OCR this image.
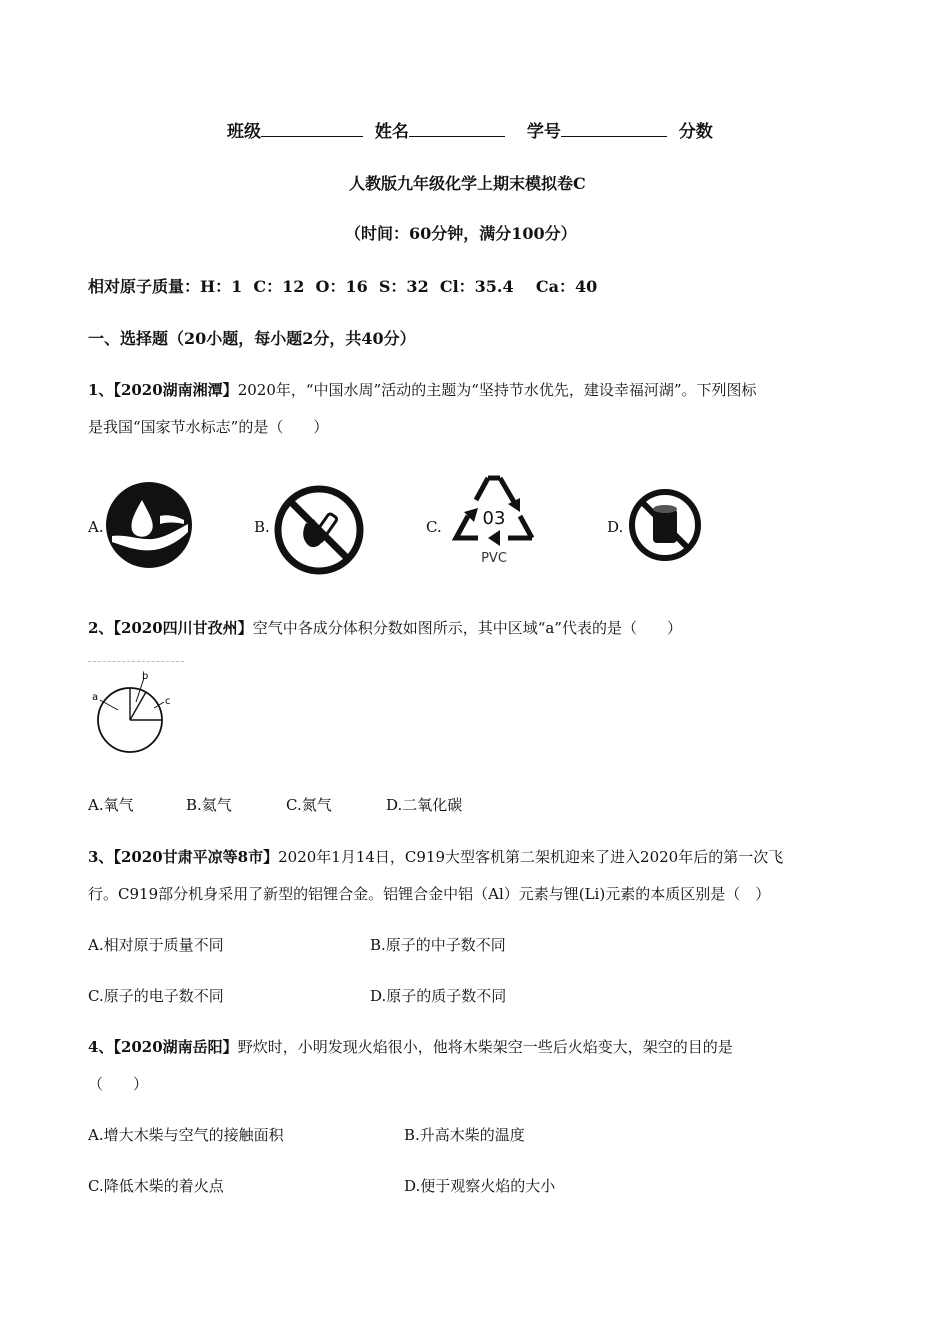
班级	姓名	学号	分数
人教版九年级化学上期末模拟卷C
（时间：60分钟，满分100分）
相对原子质量：H：1  C：12  O：16  S：32  Cl：35.4    Ca：40
一、选择题（20小题，每小题2分，共40分）
1、【2020湖南湘潭】2020年，“中国水周”活动的主题为“坚持节水优先，建设幸福河湖”。下列图标
是我国“国家节水标志”的是（　　）
A.	B.	C. 03
PVC
D.
2、【2020四川甘孜州】空气中各成分体积分数如图所示，其中区域“a”代表的是（　　）
a
b
c
A.氧气	B.氦气	C.氮气	D.二氧化碳
3、【2020甘肃平凉等8市】2020年1月14日，C919大型客机第二架机迎来了进入2020年后的第一次飞
行。C919部分机身采用了新型的铝锂合金。铝锂合金中铝（Al）元素与锂(Li)元素的本质区别是（　）
A.相对原于质量不同	B.原子的中子数不同
C.原子的电子数不同	D.原子的质子数不同
4、【2020湖南岳阳】野炊时，小明发现火焰很小，他将木柴架空一些后火焰变大，架空的目的是
（　　）
A.增大木柴与空气的接触面积	B.升高木柴的温度
C.降低木柴的着火点	D.便于观察火焰的大小
